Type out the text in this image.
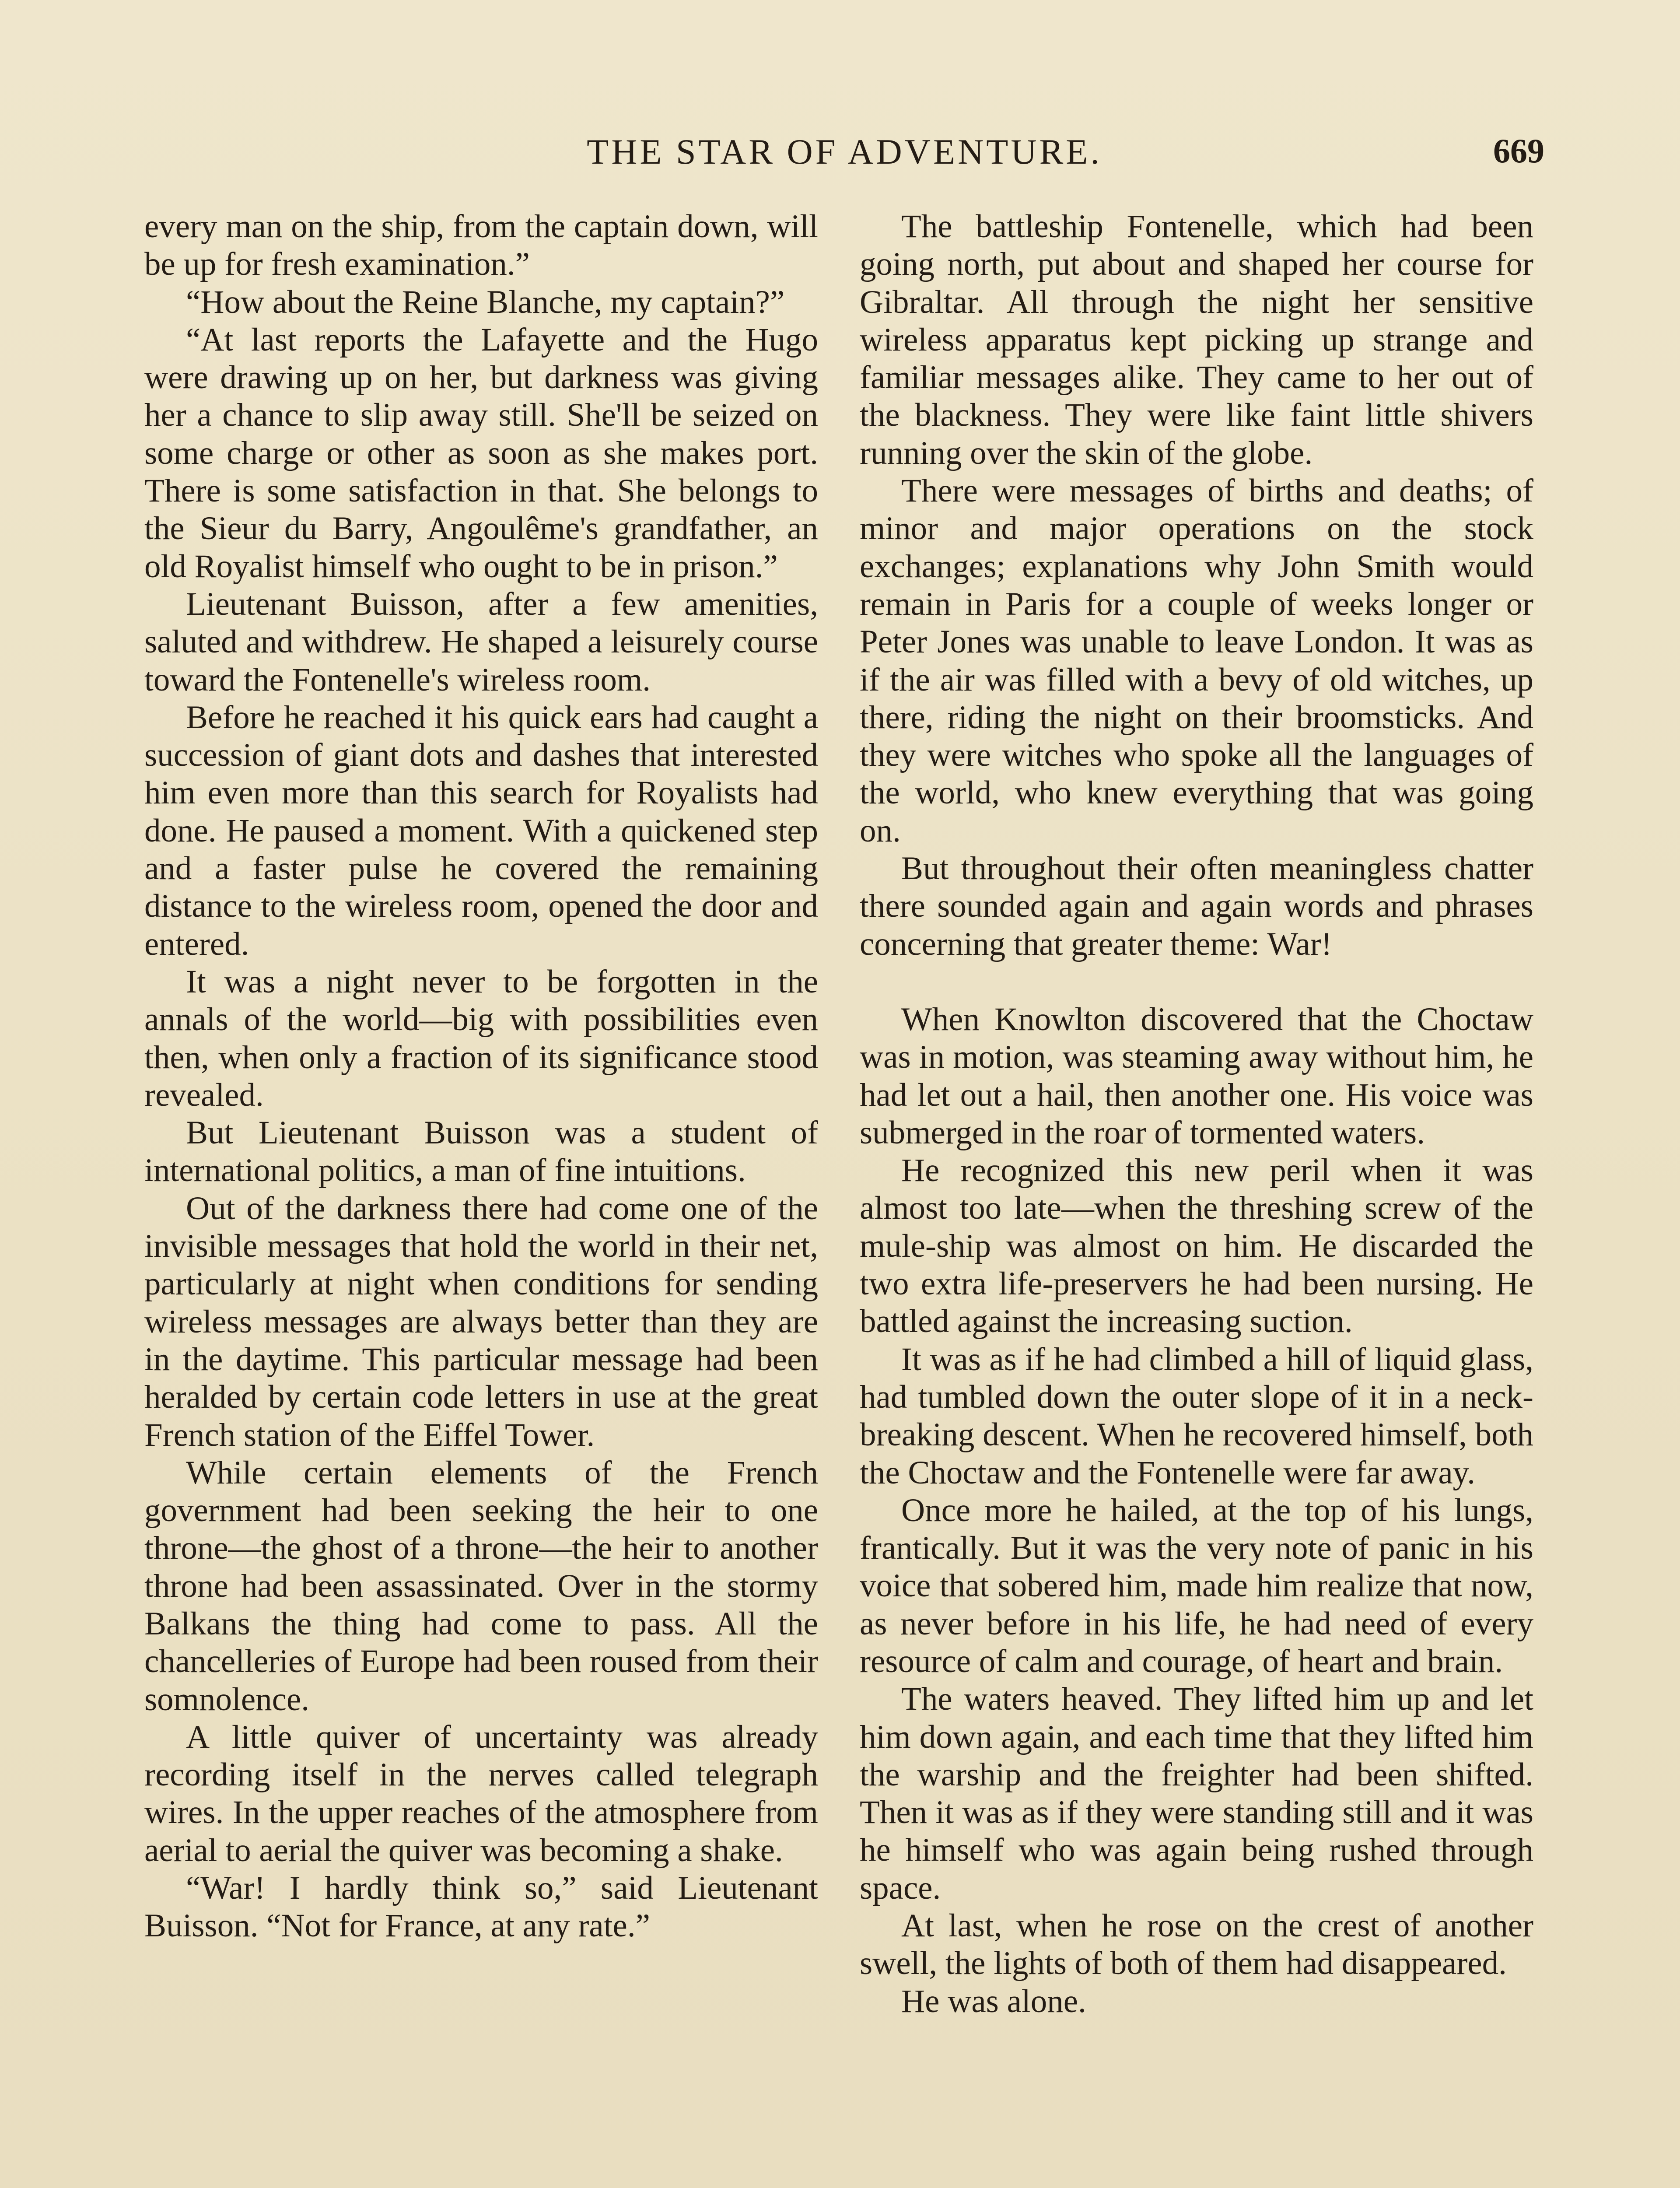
THE STAR OF ADVENTURE.	669

every man on the ship, from the captain down, will be up for fresh examination.”

“How about the Reine Blanche, my captain?”

“At last reports the Lafayette and the Hugo were drawing up on her, but darkness was giving her a chance to slip away still. She'll be seized on some charge or other as soon as she makes port. There is some satisfaction in that. She belongs to the Sieur du Barry, Angoulême's grandfather, an old Royalist himself who ought to be in prison.”

Lieutenant Buisson, after a few amenities, saluted and withdrew. He shaped a leisurely course toward the Fontenelle's wireless room.

Before he reached it his quick ears had caught a succession of giant dots and dashes that interested him even more than this search for Royalists had done. He paused a moment. With a quickened step and a faster pulse he covered the remaining distance to the wireless room, opened the door and entered.

It was a night never to be forgotten in the annals of the world—big with possibilities even then, when only a fraction of its significance stood revealed.

But Lieutenant Buisson was a student of international politics, a man of fine intuitions.

Out of the darkness there had come one of the invisible messages that hold the world in their net, particularly at night when conditions for sending wireless messages are always better than they are in the daytime. This particular message had been heralded by certain code letters in use at the great French station of the Eiffel Tower.

While certain elements of the French government had been seeking the heir to one throne—the ghost of a throne—the heir to another throne had been assassinated. Over in the stormy Balkans the thing had come to pass. All the chancelleries of Europe had been roused from their somnolence.

A little quiver of uncertainty was already recording itself in the nerves called telegraph wires. In the upper reaches of the atmosphere from aerial to aerial the quiver was becoming a shake.

“War! I hardly think so,” said Lieutenant Buisson. “Not for France, at any rate.”

The battleship Fontenelle, which had been going north, put about and shaped her course for Gibraltar. All through the night her sensitive wireless apparatus kept picking up strange and familiar messages alike. They came to her out of the blackness. They were like faint little shivers running over the skin of the globe.

There were messages of births and deaths; of minor and major operations on the stock exchanges; explanations why John Smith would remain in Paris for a couple of weeks longer or Peter Jones was unable to leave London. It was as if the air was filled with a bevy of old witches, up there, riding the night on their broomsticks. And they were witches who spoke all the languages of the world, who knew everything that was going on.

But throughout their often meaningless chatter there sounded again and again words and phrases concerning that greater theme: War!

When Knowlton discovered that the Choctaw was in motion, was steaming away without him, he had let out a hail, then another one. His voice was submerged in the roar of tormented waters.

He recognized this new peril when it was almost too late—when the threshing screw of the mule-ship was almost on him. He discarded the two extra life-preservers he had been nursing. He battled against the increasing suction.

It was as if he had climbed a hill of liquid glass, had tumbled down the outer slope of it in a neck-breaking descent. When he recovered himself, both the Choctaw and the Fontenelle were far away.

Once more he hailed, at the top of his lungs, frantically. But it was the very note of panic in his voice that sobered him, made him realize that now, as never before in his life, he had need of every resource of calm and courage, of heart and brain.

The waters heaved. They lifted him up and let him down again, and each time that they lifted him the warship and the freighter had been shifted. Then it was as if they were standing still and it was he himself who was again being rushed through space.

At last, when he rose on the crest of another swell, the lights of both of them had disappeared.

He was alone.
